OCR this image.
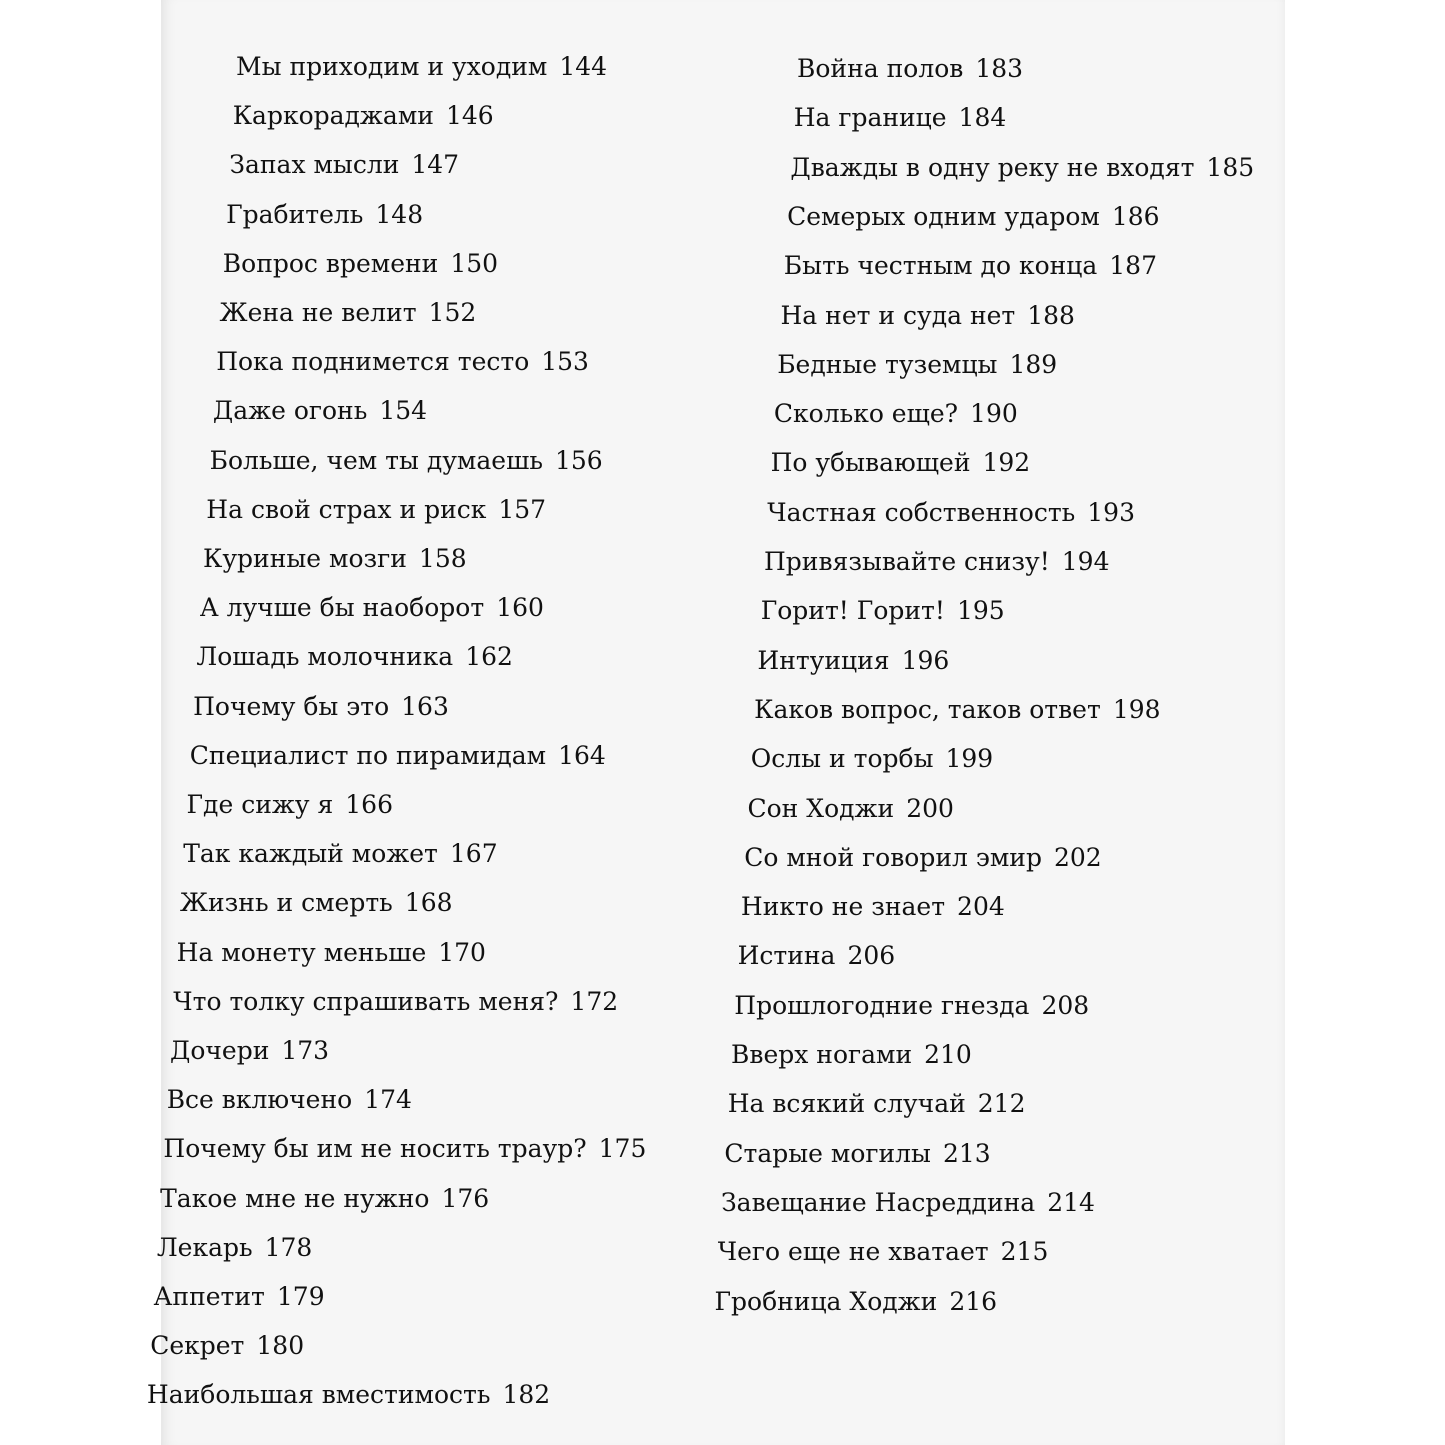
Мы приходим и уходим 144
Каркораджами 146
Запах мысли 147
Грабитель 148
Вопрос времени 150
Жена не велит 152
Пока поднимется тесто 153
Даже огонь 154
Больше, чем ты думаешь 156
На свой страх и риск 157
Куриные мозги 158
А лучше бы наоборот 160
Лошадь молочника 162
Почему бы это 163
Специалист по пирамидам 164
Где сижу я 166
Так каждый может 167
Жизнь и смерть 168
На монету меньше 170
Что толку спрашивать меня? 172
Дочери 173
Все включено 174
Почему бы им не носить траур? 175
Такое мне не нужно 176
Лекарь 178
Аппетит 179
Секрет 180
Наибольшая вместимость 182
Война полов 183
На границе 184
Дважды в одну реку не входят 185
Семерых одним ударом 186
Быть честным до конца 187
На нет и суда нет 188
Бедные туземцы 189
Сколько еще? 190
По убывающей 192
Частная собственность 193
Привязывайте снизу! 194
Горит! Горит! 195
Интуиция 196
Каков вопрос, таков ответ 198
Ослы и торбы 199
Сон Ходжи 200
Со мной говорил эмир 202
Никто не знает 204
Истина 206
Прошлогодние гнезда 208
Вверх ногами 210
На всякий случай 212
Старые могилы 213
Завещание Насреддина 214
Чего еще не хватает 215
Гробница Ходжи 216
